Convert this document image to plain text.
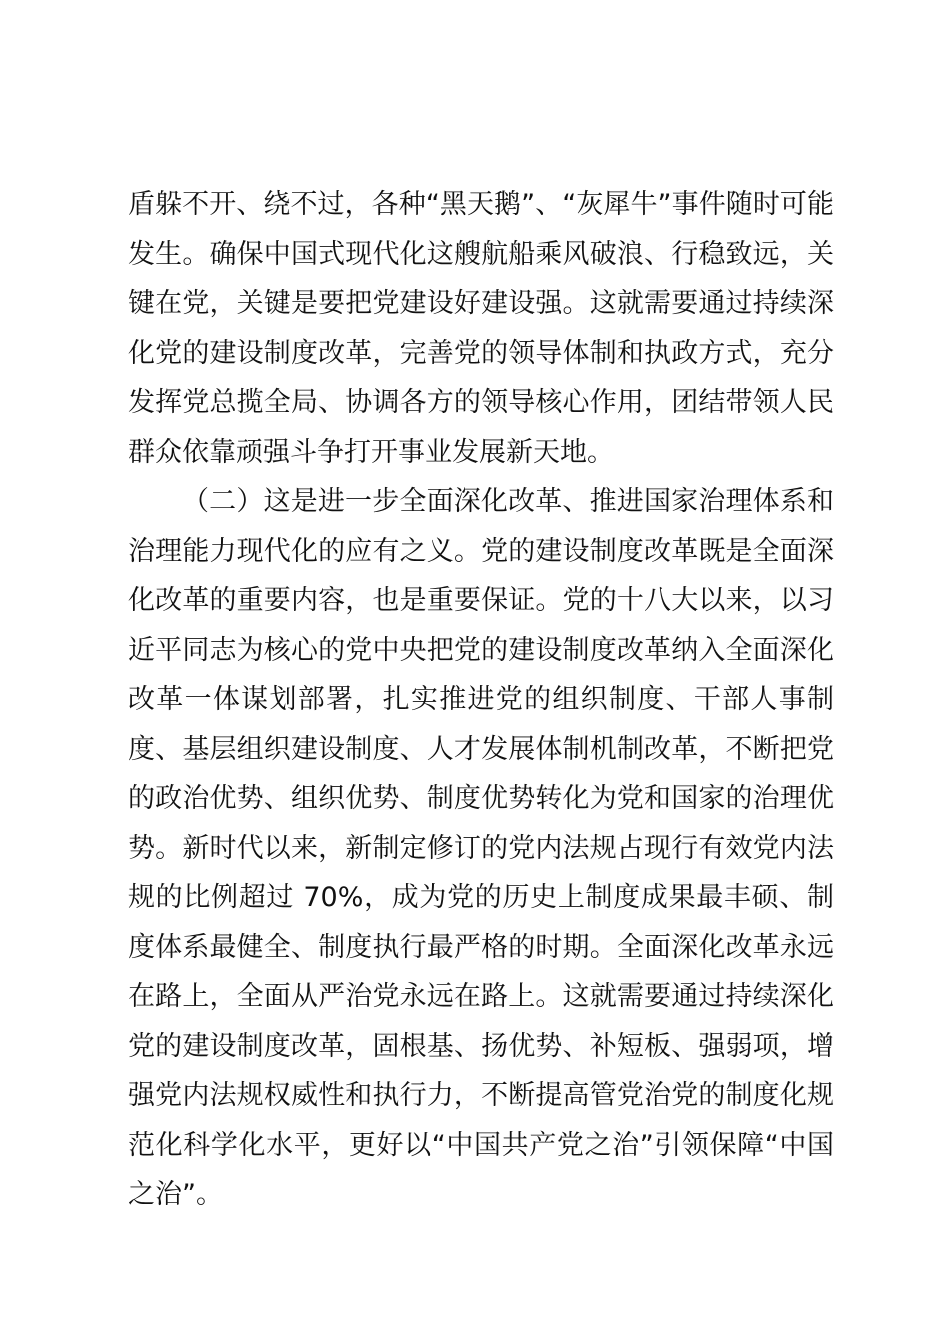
盾躲不开、绕不过，各种“黑天鹅”、“灰犀牛”事件随时可能发生。确保中国式现代化这艘航船乘风破浪、行稳致远，关键在党，关键是要把党建设好建设强。这就需要通过持续深化党的建设制度改革，完善党的领导体制和执政方式，充分发挥党总揽全局、协调各方的领导核心作用，团结带领人民群众依靠顽强斗争打开事业发展新天地。

（二）这是进一步全面深化改革、推进国家治理体系和治理能力现代化的应有之义。党的建设制度改革既是全面深化改革的重要内容，也是重要保证。党的十八大以来，以习近平同志为核心的党中央把党的建设制度改革纳入全面深化改革一体谋划部署，扎实推进党的组织制度、干部人事制度、基层组织建设制度、人才发展体制机制改革，不断把党的政治优势、组织优势、制度优势转化为党和国家的治理优势。新时代以来，新制定修订的党内法规占现行有效党内法规的比例超过 70%，成为党的历史上制度成果最丰硕、制度体系最健全、制度执行最严格的时期。全面深化改革永远在路上，全面从严治党永远在路上。这就需要通过持续深化党的建设制度改革，固根基、扬优势、补短板、强弱项，增强党内法规权威性和执行力，不断提高管党治党的制度化规范化科学化水平，更好以“中国共产党之治”引领保障“中国之治”。
